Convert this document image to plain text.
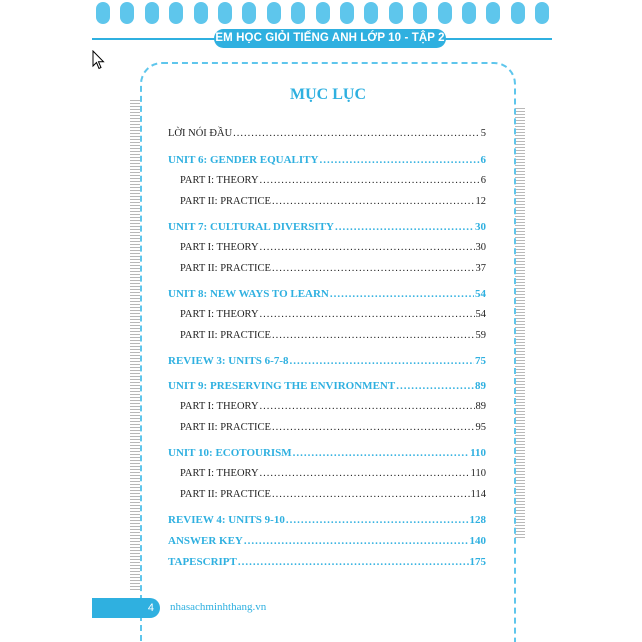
EM HỌC GIỎI TIẾNG ANH LỚP 10 - TẬP 2
MỤC LỤC
LỜI NÓI ĐẦU .....	5
UNIT 6: GENDER EQUALITY .....	6
PART I: THEORY .....	6
PART II: PRACTICE .....	12
UNIT 7: CULTURAL DIVERSITY .....	30
PART I: THEORY .....	30
PART II: PRACTICE .....	37
UNIT 8: NEW WAYS TO LEARN .....	54
PART I: THEORY .....	54
PART II: PRACTICE .....	59
REVIEW 3: UNITS 6-7-8 .....	75
UNIT 9: PRESERVING THE ENVIRONMENT .....	89
PART I: THEORY .....	89
PART II: PRACTICE .....	95
UNIT 10: ECOTOURISM .....	110
PART I: THEORY .....	110
PART II: PRACTICE .....	114
REVIEW 4: UNITS 9-10 .....	128
ANSWER KEY .....	140
TAPESCRIPT .....	175
4	nhasachminhthang.vn
